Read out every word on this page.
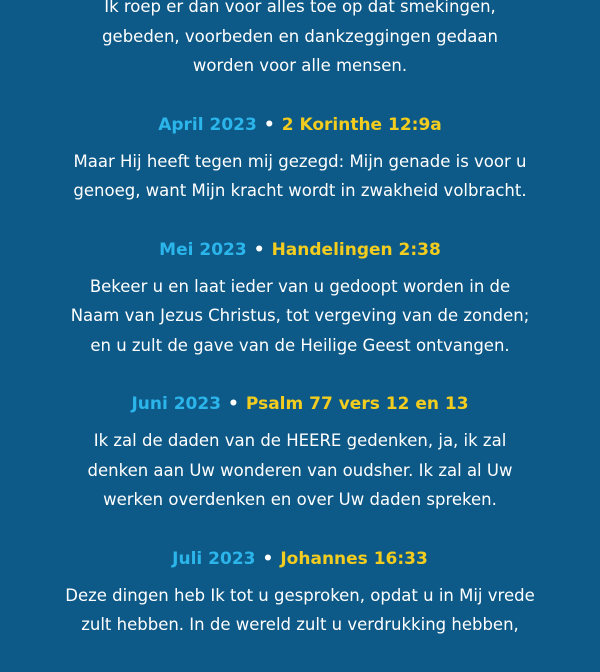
Ik roep er dan voor alles toe op dat smekingen,
gebeden, voorbeden en dankzeggingen gedaan
worden voor alle mensen.
April 2023 • 2 Korinthe 12:9a
Maar Hij heeft tegen mij gezegd: Mijn genade is voor u
genoeg, want Mijn kracht wordt in zwakheid volbracht.
Mei 2023 • Handelingen 2:38
Bekeer u en laat ieder van u gedoopt worden in de
Naam van Jezus Christus, tot vergeving van de zonden;
en u zult de gave van de Heilige Geest ontvangen.
Juni 2023 • Psalm 77 vers 12 en 13
Ik zal de daden van de HEERE gedenken, ja, ik zal
denken aan Uw wonderen van oudsher. Ik zal al Uw
werken overdenken en over Uw daden spreken.
Juli 2023 • Johannes 16:33
Deze dingen heb Ik tot u gesproken, opdat u in Mij vrede
zult hebben. In de wereld zult u verdrukking hebben,
